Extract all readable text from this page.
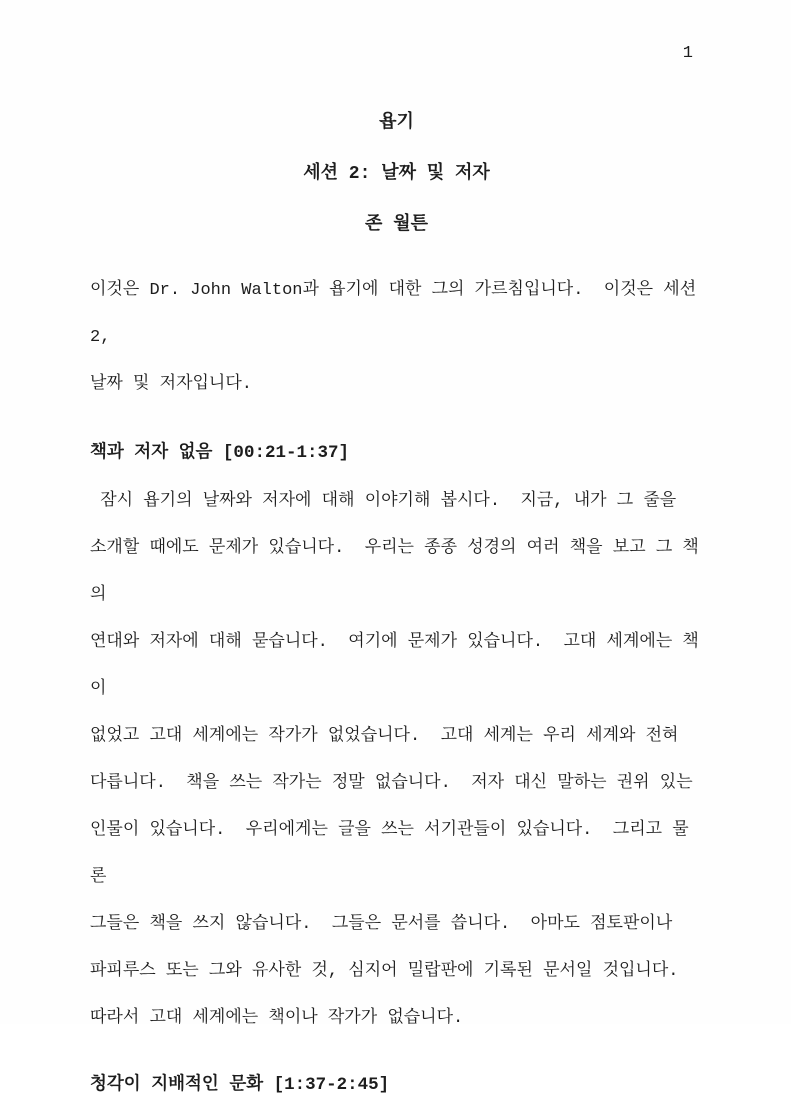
1
욥기
세션 2: 날짜 및 저자
존 월튼
이것은 Dr. John Walton과 욥기에 대한 그의 가르침입니다.  이것은 세션 2,
날짜 및 저자입니다.
책과 저자 없음 [00:21-1:37]
잠시 욥기의 날짜와 저자에 대해 이야기해 봅시다.  지금, 내가 그 줄을
소개할 때에도 문제가 있습니다.  우리는 종종 성경의 여러 책을 보고 그 책의
연대와 저자에 대해 묻습니다.  여기에 문제가 있습니다.  고대 세계에는 책이
없었고 고대 세계에는 작가가 없었습니다.  고대 세계는 우리 세계와 전혀
다릅니다.  책을 쓰는 작가는 정말 없습니다.  저자 대신 말하는 권위 있는
인물이 있습니다.  우리에게는 글을 쓰는 서기관들이 있습니다.  그리고 물론
그들은 책을 쓰지 않습니다.  그들은 문서를 씁니다.  아마도 점토판이나
파피루스 또는 그와 유사한 것, 심지어 밀랍판에 기록된 문서일 것입니다.
따라서 고대 세계에는 책이나 작가가 없습니다.
청각이 지배적인 문화 [1:37-2:45]
